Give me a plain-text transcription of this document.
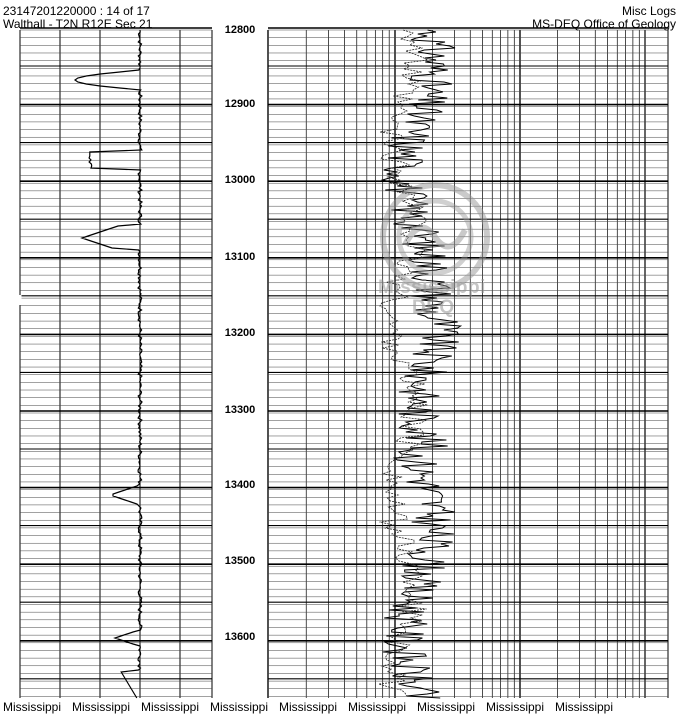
23147201220000 : 14 of 17
Walthall - T2N R12E Sec 21
Misc Logs
MS-DEQ Office of Geology
12800
12900
13000
13100
13200
13300
13400
13500
13600
Mississippi
DEQ
Mississippi Mississippi Mississippi Mississippi Mississippi Mississippi Mississippi Mississippi Mississippi
